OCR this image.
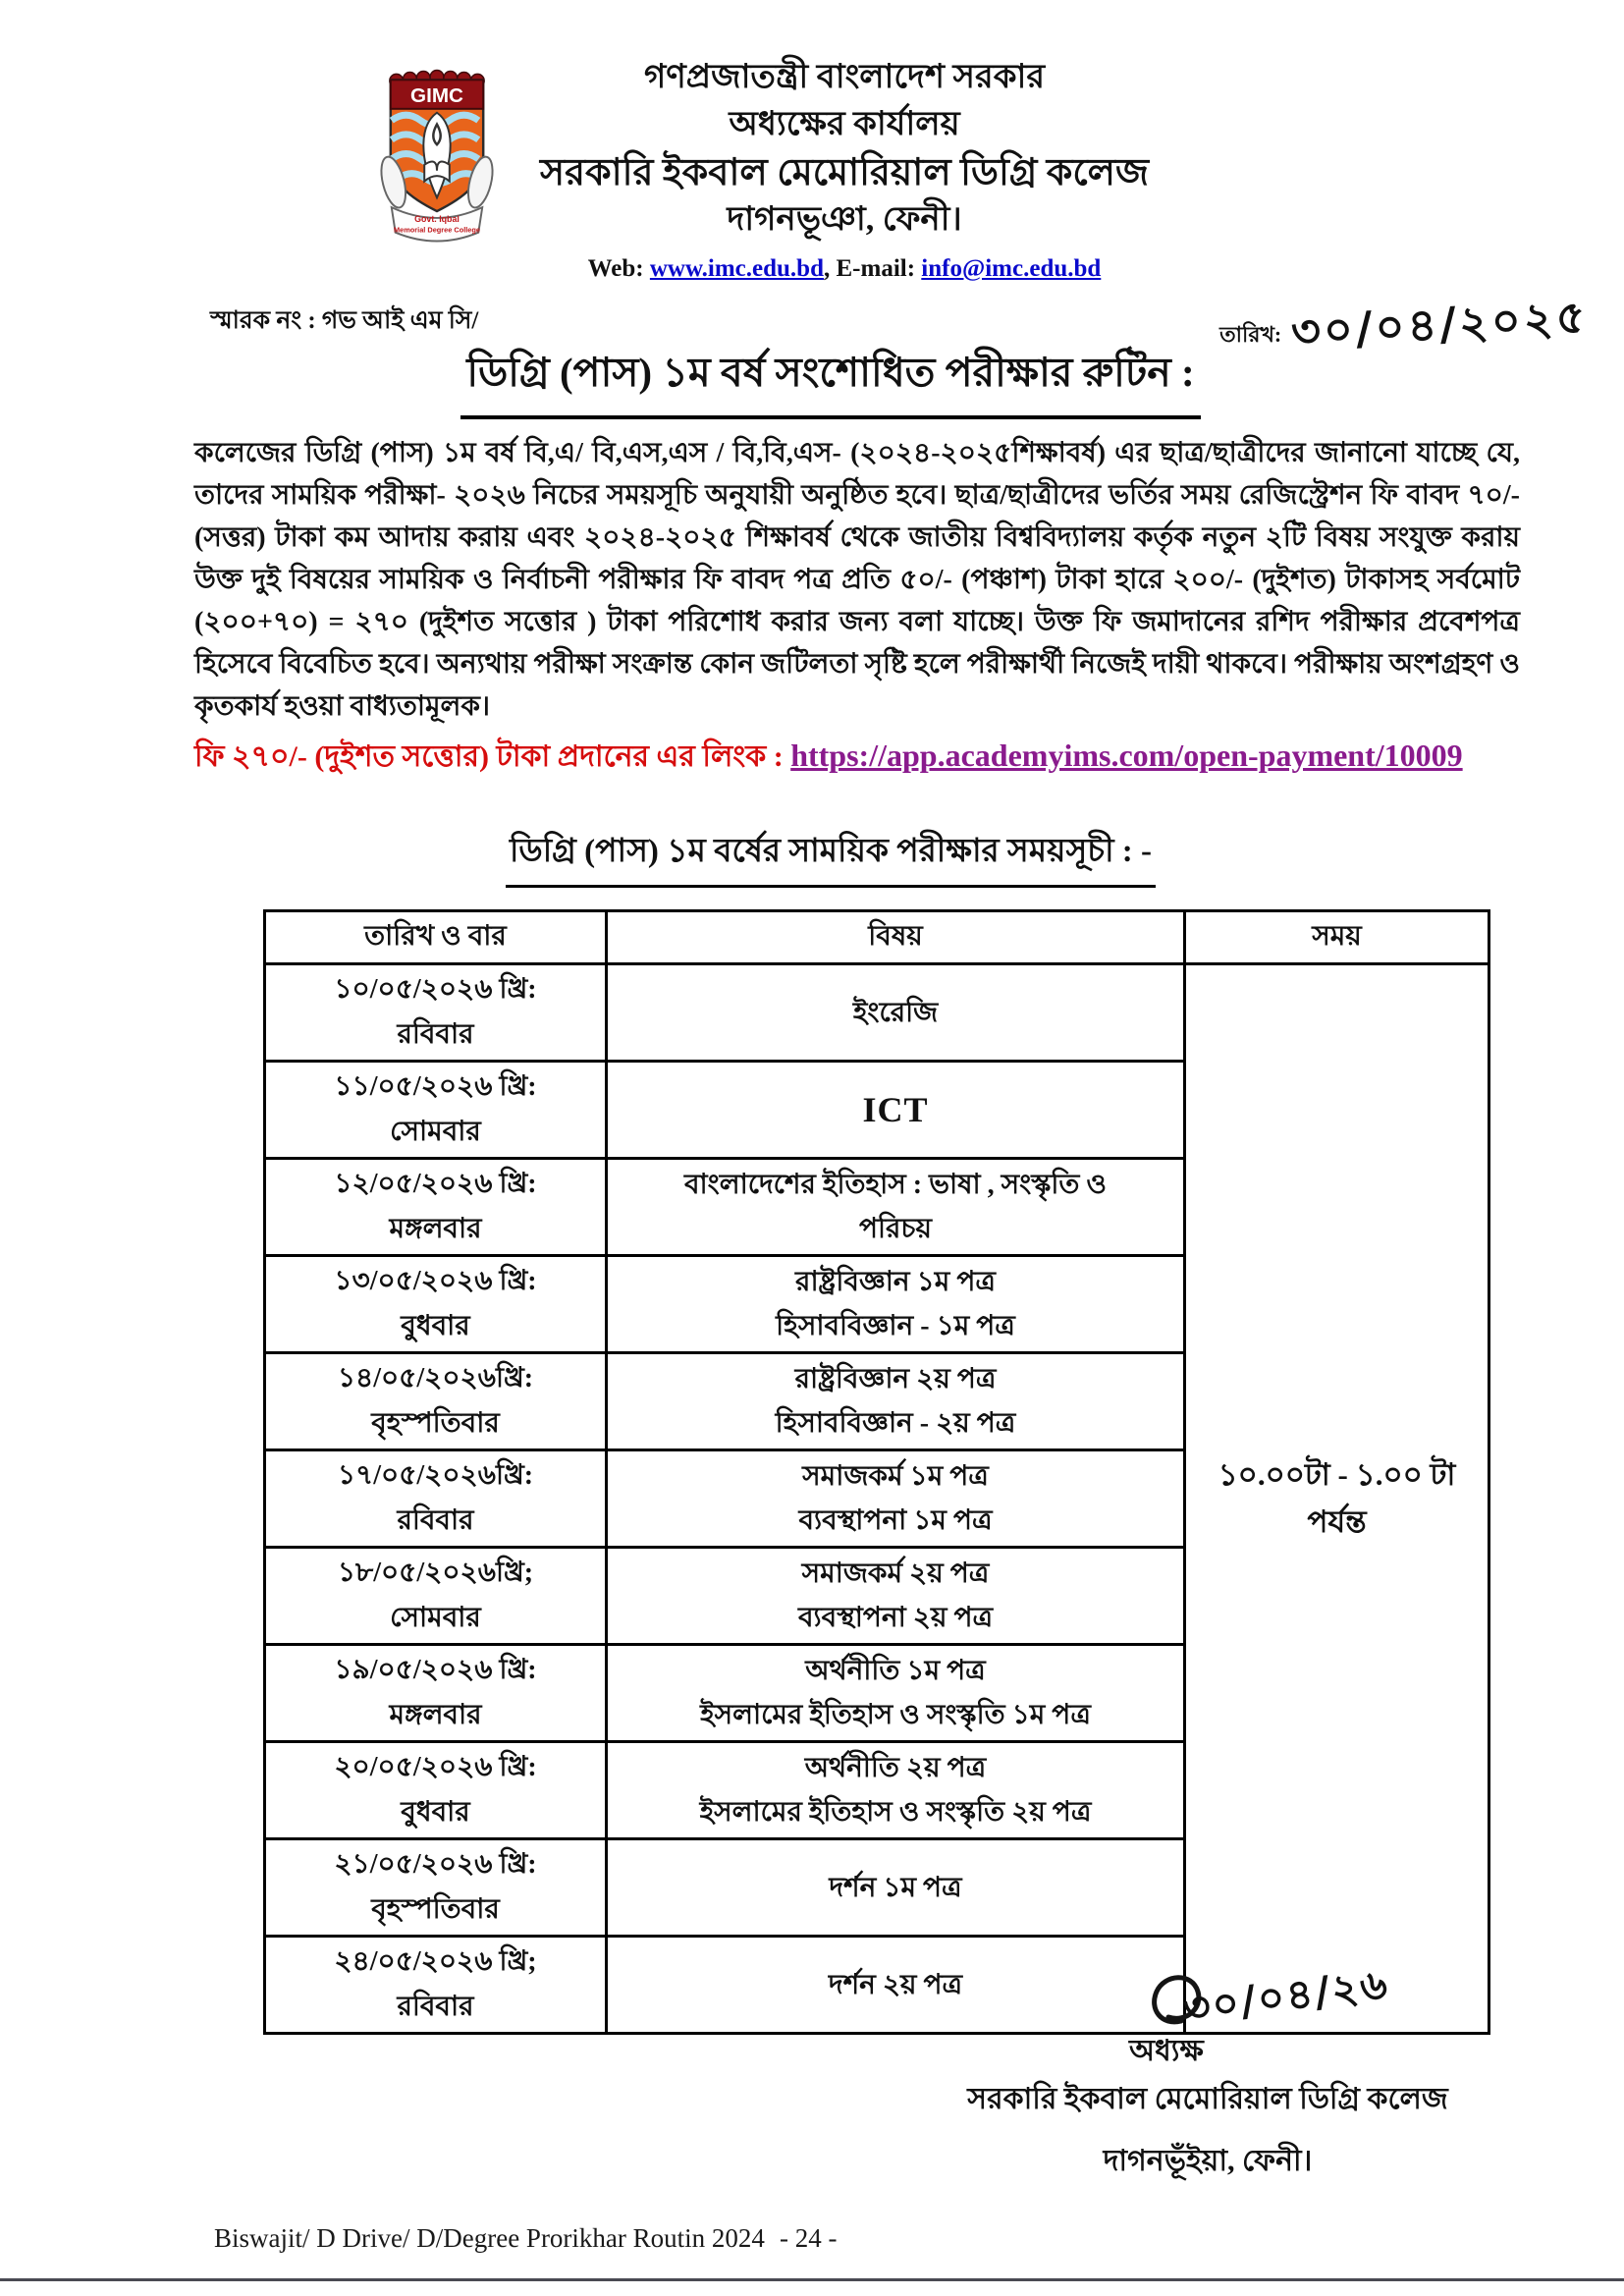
GIMC
Govt. Iqbal
Memorial Degree College
গণপ্রজাতন্ত্রী বাংলাদেশ সরকার
অধ্যক্ষের কার্যালয়
সরকারি ইকবাল মেমোরিয়াল ডিগ্রি কলেজ
দাগনভূঞা, ফেনী।
Web: www.imc.edu.bd, E-mail: info@imc.edu.bd
স্মারক নং : গভ আই এম সি/
তারিখ: ৩০/০৪/২০২৫
ডিগ্রি (পাস) ১ম বর্ষ সংশোধিত পরীক্ষার রুটিন :
কলেজের ডিগ্রি (পাস) ১ম বর্ষ বি,এ/ বি,এস,এস / বি,বি,এস- (২০২৪-২০২৫শিক্ষাবর্ষ) এর ছাত্র/ছাত্রীদের জানানো যাচ্ছে যে, তাদের সাময়িক পরীক্ষা- ২০২৬ নিচের সময়সূচি অনুযায়ী অনুষ্ঠিত হবে। ছাত্র/ছাত্রীদের ভর্তির সময় রেজিস্ট্রেশন ফি বাবদ ৭০/- (সত্তর) টাকা কম আদায় করায় এবং ২০২৪-২০২৫ শিক্ষাবর্ষ থেকে জাতীয় বিশ্ববিদ্যালয় কর্তৃক নতুন ২টি বিষয় সংযুক্ত করায় উক্ত দুই বিষয়ের সাময়িক ও নির্বাচনী পরীক্ষার ফি বাবদ পত্র প্রতি ৫০/- (পঞ্চাশ) টাকা হারে ২০০/- (দুইশত) টাকাসহ সর্বমোট (২০০+৭০) = ২৭০ (দুইশত সত্তোর ) টাকা পরিশোধ করার জন্য বলা যাচ্ছে। উক্ত ফি জমাদানের রশিদ পরীক্ষার প্রবেশপত্র হিসেবে বিবেচিত হবে। অন্যথায় পরীক্ষা সংক্রান্ত কোন জটিলতা সৃষ্টি হলে পরীক্ষার্থী নিজেই দায়ী থাকবে। পরীক্ষায় অংশগ্রহণ ও কৃতকার্য হওয়া বাধ্যতামূলক।
ফি ২৭০/- (দুইশত সত্তোর) টাকা প্রদানের এর লিংক : https://app.academyims.com/open-payment/10009
ডিগ্রি (পাস) ১ম বর্ষের সাময়িক পরীক্ষার সময়সূচী : -
তারিখ ও বার	বিষয়	সময়

১০/০৫/২০২৬ খ্রি:
রবিবার	ইংরেজি	১০.০০টা - ১.০০ টা
পর্যন্ত

১১/০৫/২০২৬ খ্রি:
সোমবার	ICT	

১২/০৫/২০২৬ খ্রি:
মঙ্গলবার	বাংলাদেশের ইতিহাস : ভাষা , সংস্কৃতি ও
পরিচয়	

১৩/০৫/২০২৬ খ্রি:
বুধবার	রাষ্ট্রবিজ্ঞান ১ম পত্র
হিসাববিজ্ঞান - ১ম পত্র	

১৪/০৫/২০২৬খ্রি:
বৃহস্পতিবার	রাষ্ট্রবিজ্ঞান ২য় পত্র
হিসাববিজ্ঞান - ২য় পত্র	

১৭/০৫/২০২৬খ্রি:
রবিবার	সমাজকর্ম ১ম পত্র
ব্যবস্থাপনা ১ম পত্র	

১৮/০৫/২০২৬খ্রি;
সোমবার	সমাজকর্ম ২য় পত্র
ব্যবস্থাপনা ২য় পত্র	

১৯/০৫/২০২৬ খ্রি:
মঙ্গলবার	অর্থনীতি ১ম পত্র
ইসলামের ইতিহাস ও সংস্কৃতি ১ম পত্র	

২০/০৫/২০২৬ খ্রি:
বুধবার	অর্থনীতি ২য় পত্র
ইসলামের ইতিহাস ও সংস্কৃতি ২য় পত্র	

২১/০৫/২০২৬ খ্রি:
বৃহস্পতিবার	দর্শন ১ম পত্র	

২৪/০৫/২০২৬ খ্রি;
রবিবার	দর্শন ২য় পত্র		৩০/০৪/২৬
অধ্যক্ষ
সরকারি ইকবাল মেমোরিয়াল ডিগ্রি কলেজ
দাগনভূঁইয়া, ফেনী।
Biswajit/ D Drive/ D/Degree Prorikhar Routin 2024 - 24 -
